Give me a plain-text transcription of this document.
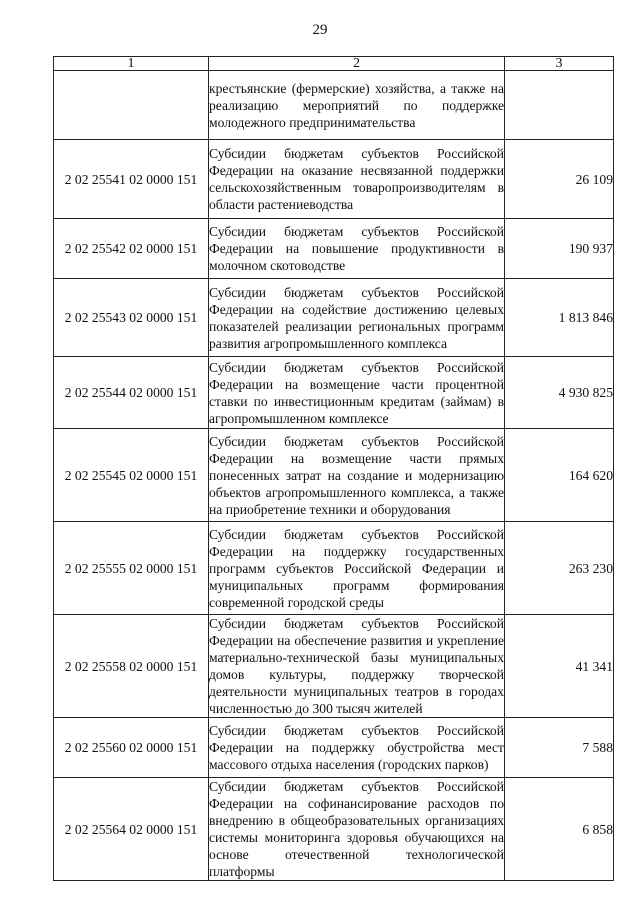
29
1	2	3
	крестьянские (фермерские) хозяйства, а также на реализацию мероприятий по поддержке молодежного предпринимательства	
2 02 25541 02 0000 151	Субсидии бюджетам субъектов Российской Федерации на оказание несвязанной поддержки сельскохозяйственным товаропроизводителям в области растениеводства	26 109
2 02 25542 02 0000 151	Субсидии бюджетам субъектов Российской Федерации на повышение продуктивности в молочном скотоводстве	190 937
2 02 25543 02 0000 151	Субсидии бюджетам субъектов Российской Федерации на содействие достижению целевых показателей реализации региональных программ развития агропромышленного комплекса	1 813 846
2 02 25544 02 0000 151	Субсидии бюджетам субъектов Российской Федерации на возмещение части процентной ставки по инвестиционным кредитам (займам) в агропромышленном комплексе	4 930 825
2 02 25545 02 0000 151	Субсидии бюджетам субъектов Российской Федерации на возмещение части прямых понесенных затрат на создание и модернизацию объектов агропромышленного комплекса, а также на приобретение техники и оборудования	164 620
2 02 25555 02 0000 151	Субсидии бюджетам субъектов Российской Федерации на поддержку государственных программ субъектов Российской Федерации и муниципальных программ формирования современной городской среды	263 230
2 02 25558 02 0000 151	Субсидии бюджетам субъектов Российской Федерации на обеспечение развития и укрепление материально-технической базы муниципальных домов культуры, поддержку творческой деятельности муниципальных театров в городах численностью до 300 тысяч жителей	41 341
2 02 25560 02 0000 151	Субсидии бюджетам субъектов Российской Федерации на поддержку обустройства мест массового отдыха населения (городских парков)	7 588
2 02 25564 02 0000 151	Субсидии бюджетам субъектов Российской Федерации на софинансирование расходов по внедрению в общеобразовательных организациях системы мониторинга здоровья обучающихся на основе отечественной технологической платформы	6 858
